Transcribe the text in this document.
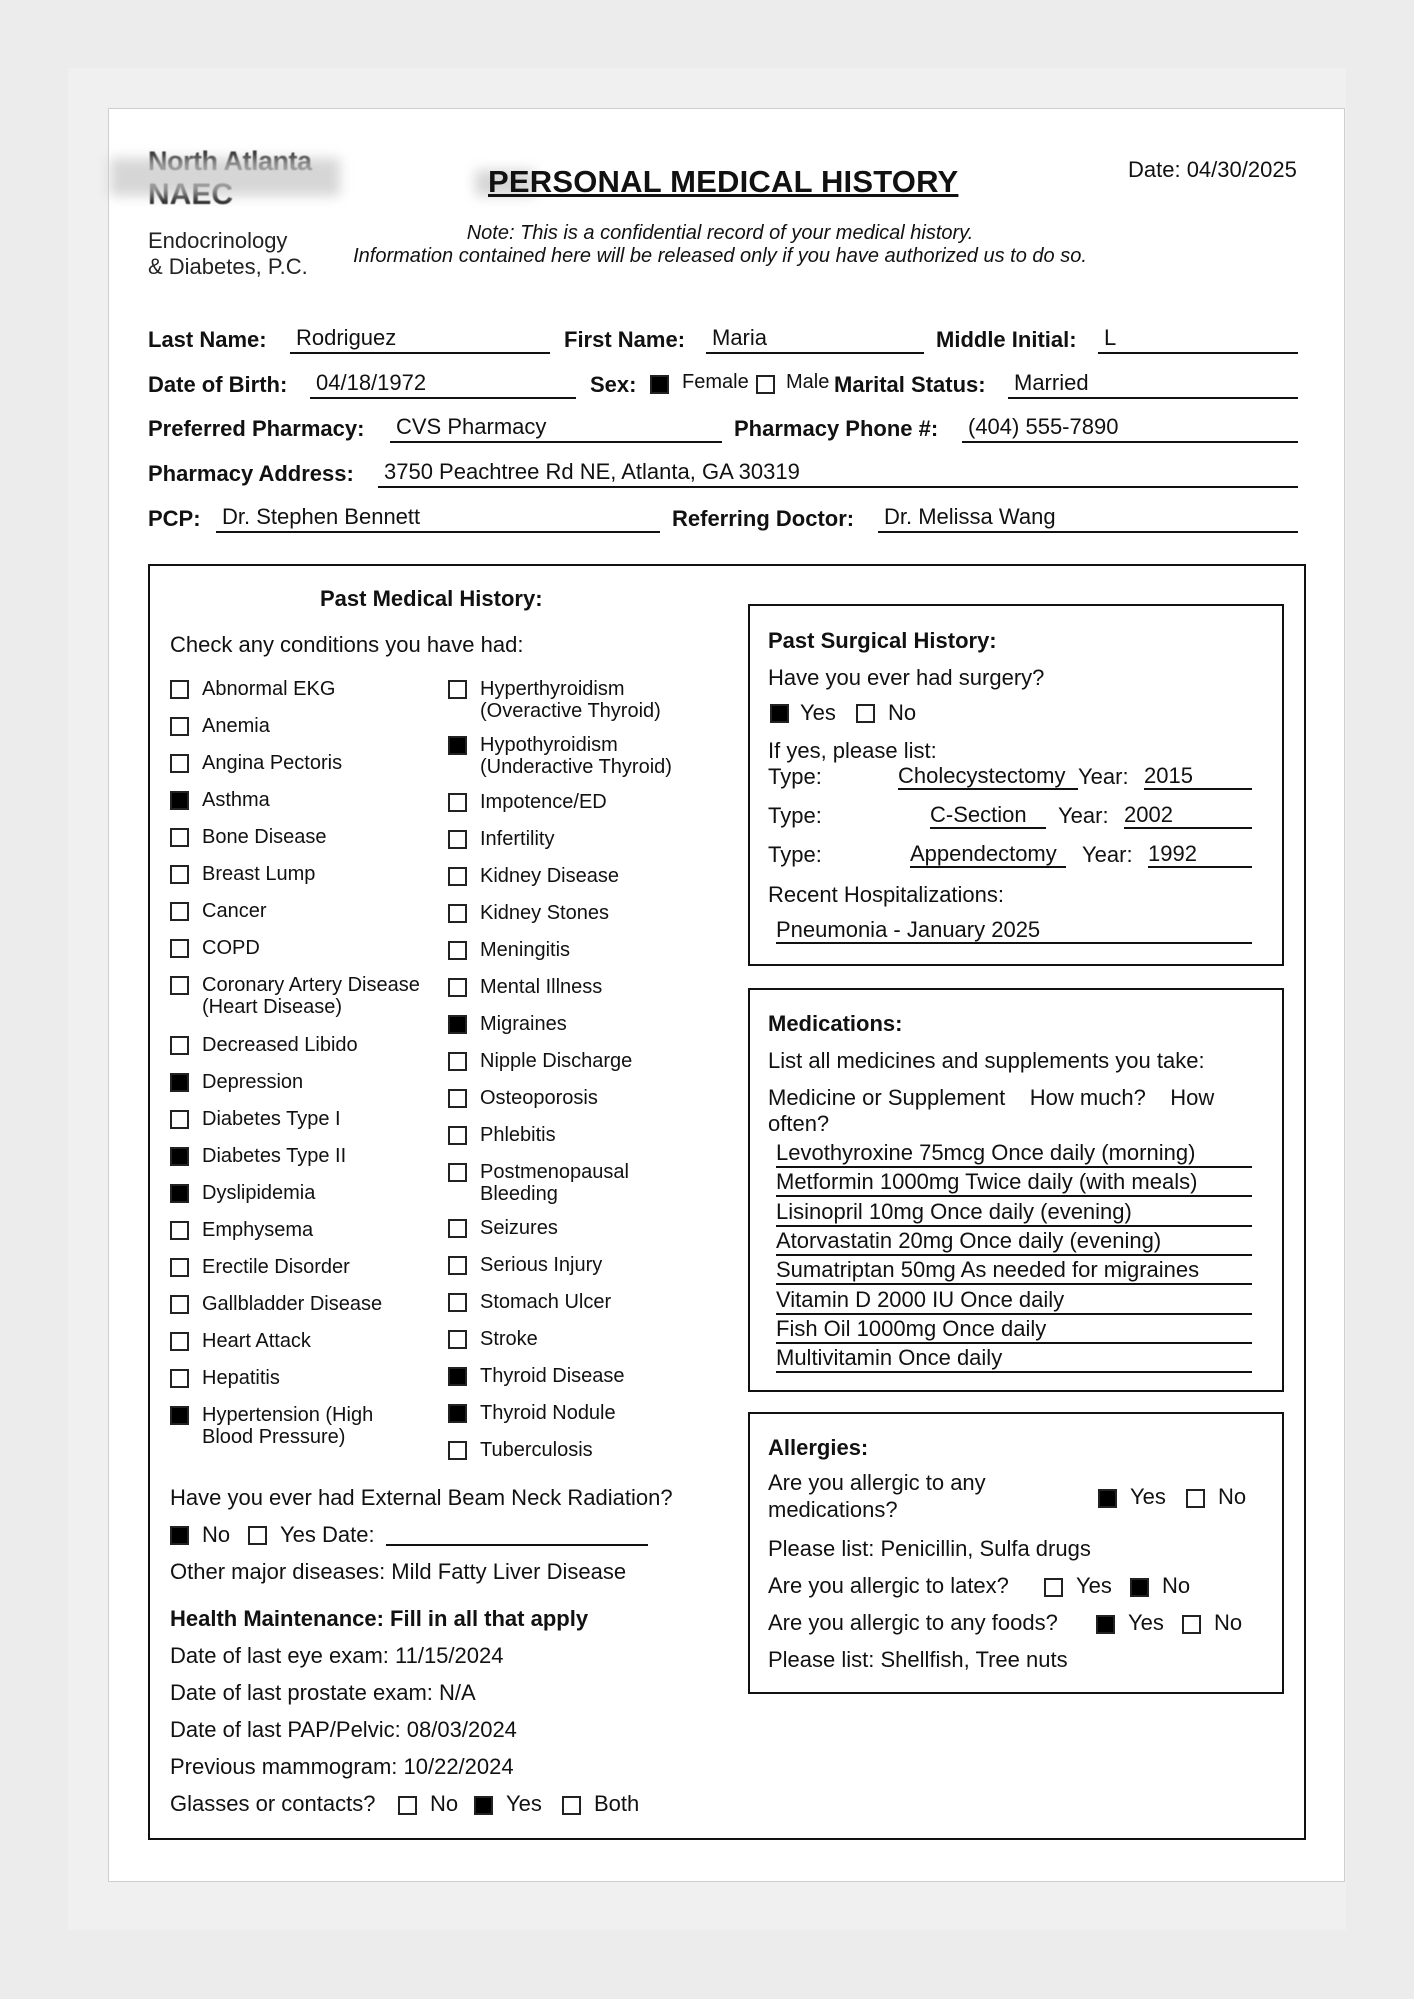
Endocrinology
& Diabetes, P.C.
PERSONAL MEDICAL HISTORY
Note: This is a confidential record of your medical history.
Information contained here will be released only if you have authorized us to do so.
Date: 04/30/2025
Last Name: Rodriguez	First Name: Maria	Middle Initial: L
Date of Birth: 04/18/1972	Sex: Female Male Marital Status: Married
Preferred Pharmacy: CVS Pharmacy	Pharmacy Phone #: (404) 555-7890
Pharmacy Address: 3750 Peachtree Rd NE, Atlanta, GA 30319
PCP: Dr. Stephen Bennett	Referring Doctor: Dr. Melissa Wang
Past Medical History:
Check any conditions you have had:
Abnormal EKG
Anemia
Angina Pectoris
Asthma
Bone Disease
Breast Lump
Cancer
COPD
Coronary Artery Disease
(Heart Disease)
Decreased Libido
Depression
Diabetes Type I
Diabetes Type II
Dyslipidemia
Emphysema
Erectile Disorder
Gallbladder Disease
Heart Attack
Hepatitis
Hypertension (High
Blood Pressure)
Hyperthyroidism
(Overactive Thyroid)
Hypothyroidism
(Underactive Thyroid)
Impotence/ED
Infertility
Kidney Disease
Kidney Stones
Meningitis
Mental Illness
Migraines
Nipple Discharge
Osteoporosis
Phlebitis
Postmenopausal
Bleeding
Seizures
Serious Injury
Stomach Ulcer
Stroke
Thyroid Disease
Thyroid Nodule
Tuberculosis
Have you ever had External Beam Neck Radiation?
No Yes Date:
Other major diseases: Mild Fatty Liver Disease
Health Maintenance: Fill in all that apply
Date of last eye exam: 11/15/2024
Date of last prostate exam: N/A
Date of last PAP/Pelvic: 08/03/2024
Previous mammogram: 10/22/2024
Glasses or contacts? No Yes Both
Past Surgical History:
Have you ever had surgery?
Yes No
If yes, please list:
Type:	Cholecystectomy Year: 2015
Type:	C-Section	Year: 2002
Type:	Appendectomy	Year: 1992
Recent Hospitalizations:
Pneumonia - January 2025
Medications:
List all medicines and supplements you take:
Medicine or Supplement    How much?    How
often?
Levothyroxine 75mcg Once daily (morning)
Metformin 1000mg Twice daily (with meals)
Lisinopril 10mg Once daily (evening)
Atorvastatin 20mg Once daily (evening)
Sumatriptan 50mg As needed for migraines
Vitamin D 2000 IU Once daily
Fish Oil 1000mg Once daily
Multivitamin Once daily
Allergies:
Are you allergic to any
medications?
Yes No
Please list: Penicillin, Sulfa drugs
Are you allergic to latex?	Yes No
Are you allergic to any foods?	Yes No
Please list: Shellfish, Tree nuts
